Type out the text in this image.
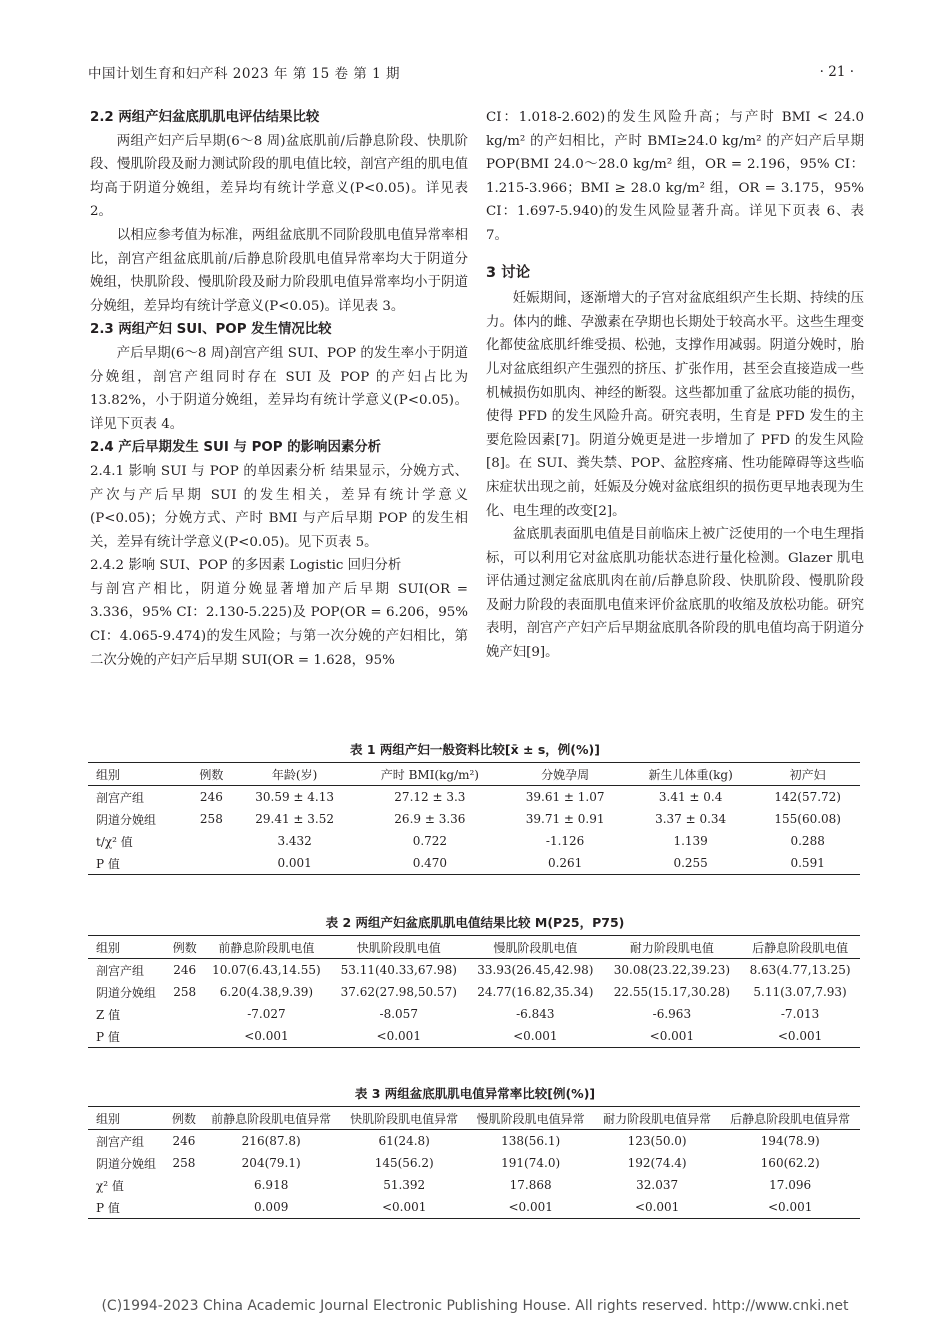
中国计划生育和妇产科 2023 年 第 15 卷 第 1 期	· 21 ·
2.2 两组产妇盆底肌肌电评估结果比较

两组产妇产后早期(6～8 周)盆底肌前/后静息阶段、快肌阶段、慢肌阶段及耐力测试阶段的肌电值比较，剖宫产组的肌电值均高于阴道分娩组，差异均有统计学意义(P<0.05)。详见表 2。

以相应参考值为标准，两组盆底肌不同阶段肌电值异常率相比，剖宫产组盆底肌前/后静息阶段肌电值异常率均大于阴道分娩组，快肌阶段、慢肌阶段及耐力阶段肌电值异常率均小于阴道分娩组，差异均有统计学意义(P<0.05)。详见表 3。

2.3 两组产妇 SUI、POP 发生情况比较

产后早期(6～8 周)剖宫产组 SUI、POP 的发生率小于阴道分娩组，剖宫产组同时存在 SUI 及 POP 的产妇占比为 13.82%，小于阴道分娩组，差异均有统计学意义(P<0.05)。详见下页表 4。

2.4 产后早期发生 SUI 与 POP 的影响因素分析

2.4.1 影响 SUI 与 POP 的单因素分析 结果显示，分娩方式、产次与产后早期 SUI 的发生相关，差异有统计学意义(P<0.05)；分娩方式、产时 BMI 与产后早期 POP 的发生相关，差异有统计学意义(P<0.05)。见下页表 5。

2.4.2 影响 SUI、POP 的多因素 Logistic 回归分析

与剖宫产相比，阴道分娩显著增加产后早期 SUI(OR = 3.336，95% CI：2.130-5.225)及 POP(OR = 6.206，95% CI：4.065-9.474)的发生风险；与第一次分娩的产妇相比，第二次分娩的产妇产后早期 SUI(OR = 1.628，95%

CI：1.018-2.602)的发生风险升高；与产时 BMI < 24.0 kg/m² 的产妇相比，产时 BMI≥24.0 kg/m² 的产妇产后早期 POP(BMI 24.0～28.0 kg/m² 组，OR = 2.196，95% CI：1.215-3.966；BMI ≥ 28.0 kg/m² 组，OR = 3.175，95% CI：1.697-5.940)的发生风险显著升高。详见下页表 6、表 7。

3 讨论

妊娠期间，逐渐增大的子宫对盆底组织产生长期、持续的压力。体内的雌、孕激素在孕期也长期处于较高水平。这些生理变化都使盆底肌纤维受损、松弛，支撑作用减弱。阴道分娩时，胎儿对盆底组织产生强烈的挤压、扩张作用，甚至会直接造成一些机械损伤如肌肉、神经的断裂。这些都加重了盆底功能的损伤，使得 PFD 的发生风险升高。研究表明，生育是 PFD 发生的主要危险因素[7]。阴道分娩更是进一步增加了 PFD 的发生风险[8]。在 SUI、粪失禁、POP、盆腔疼痛、性功能障碍等这些临床症状出现之前，妊娠及分娩对盆底组织的损伤更早地表现为生化、电生理的改变[2]。

盆底肌表面肌电值是目前临床上被广泛使用的一个电生理指标，可以利用它对盆底肌功能状态进行量化检测。Glazer 肌电评估通过测定盆底肌肉在前/后静息阶段、快肌阶段、慢肌阶段及耐力阶段的表面肌电值来评价盆底肌的收缩及放松功能。研究表明，剖宫产产妇产后早期盆底肌各阶段的肌电值均高于阴道分娩产妇[9]。

表 1 两组产妇一般资料比较[x̄ ± s，例(%)]
组别	例数	年龄(岁)	产时 BMI(kg/m²)	分娩孕周	新生儿体重(kg)	初产妇
剖宫产组	246	30.59 ± 4.13	27.12 ± 3.3	39.61 ± 1.07	3.41 ± 0.4	142(57.72)
阴道分娩组	258	29.41 ± 3.52	26.9 ± 3.36	39.71 ± 0.91	3.37 ± 0.34	155(60.08)
t/χ² 值		3.432	0.722	-1.126	1.139	0.288
P 值		0.001	0.470	0.261	0.255	0.591
表 2 两组产妇盆底肌肌电值结果比较 M(P25，P75)
组别	例数	前静息阶段肌电值	快肌阶段肌电值	慢肌阶段肌电值	耐力阶段肌电值	后静息阶段肌电值
剖宫产组	246	10.07(6.43,14.55)	53.11(40.33,67.98)	33.93(26.45,42.98)	30.08(23.22,39.23)	8.63(4.77,13.25)
阴道分娩组	258	6.20(4.38,9.39)	37.62(27.98,50.57)	24.77(16.82,35.34)	22.55(15.17,30.28)	5.11(3.07,7.93)
Z 值		-7.027	-8.057	-6.843	-6.963	-7.013
P 值		<0.001	<0.001	<0.001	<0.001	<0.001
表 3 两组盆底肌肌电值异常率比较[例(%)]
组别	例数	前静息阶段肌电值异常	快肌阶段肌电值异常	慢肌阶段肌电值异常	耐力阶段肌电值异常	后静息阶段肌电值异常
剖宫产组	246	216(87.8)	61(24.8)	138(56.1)	123(50.0)	194(78.9)
阴道分娩组	258	204(79.1)	145(56.2)	191(74.0)	192(74.4)	160(62.2)
χ² 值		6.918	51.392	17.868	32.037	17.096
P 值		0.009	<0.001	<0.001	<0.001	<0.001
(C)1994-2023 China Academic Journal Electronic Publishing House. All rights reserved. http://www.cnki.net
